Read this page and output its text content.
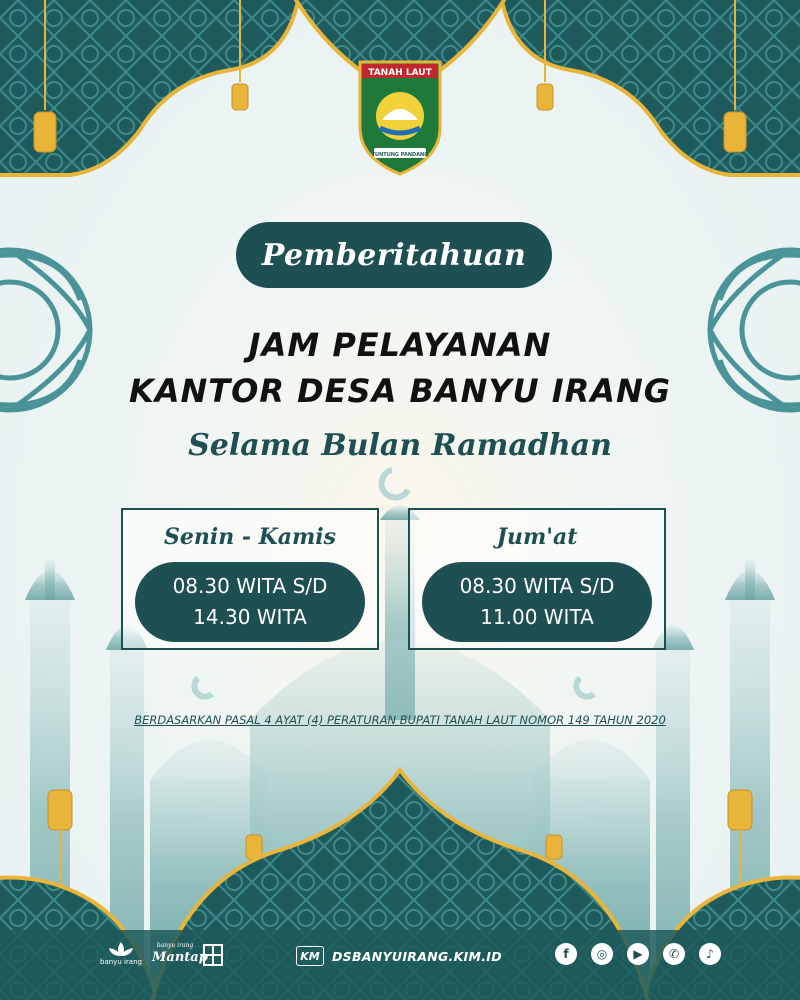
TANAH LAUT
TUNTUNG PANDANG
Pemberitahuan
JAM PELAYANAN
KANTOR DESA BANYU IRANG
Selama Bulan Ramadhan
Senin - Kamis
08.30 WITA S/D
14.30 WITA
Jum'at
08.30 WITA S/D
11.00 WITA
BERDASARKAN PASAL 4 AYAT (4) PERATURAN BUPATI TANAH LAUT NOMOR 149 TAHUN 2020
banyu irang
banyu irang
Mantap	KM DSBANYUIRANG.KIM.ID	f	◎	▶	✆	♪
